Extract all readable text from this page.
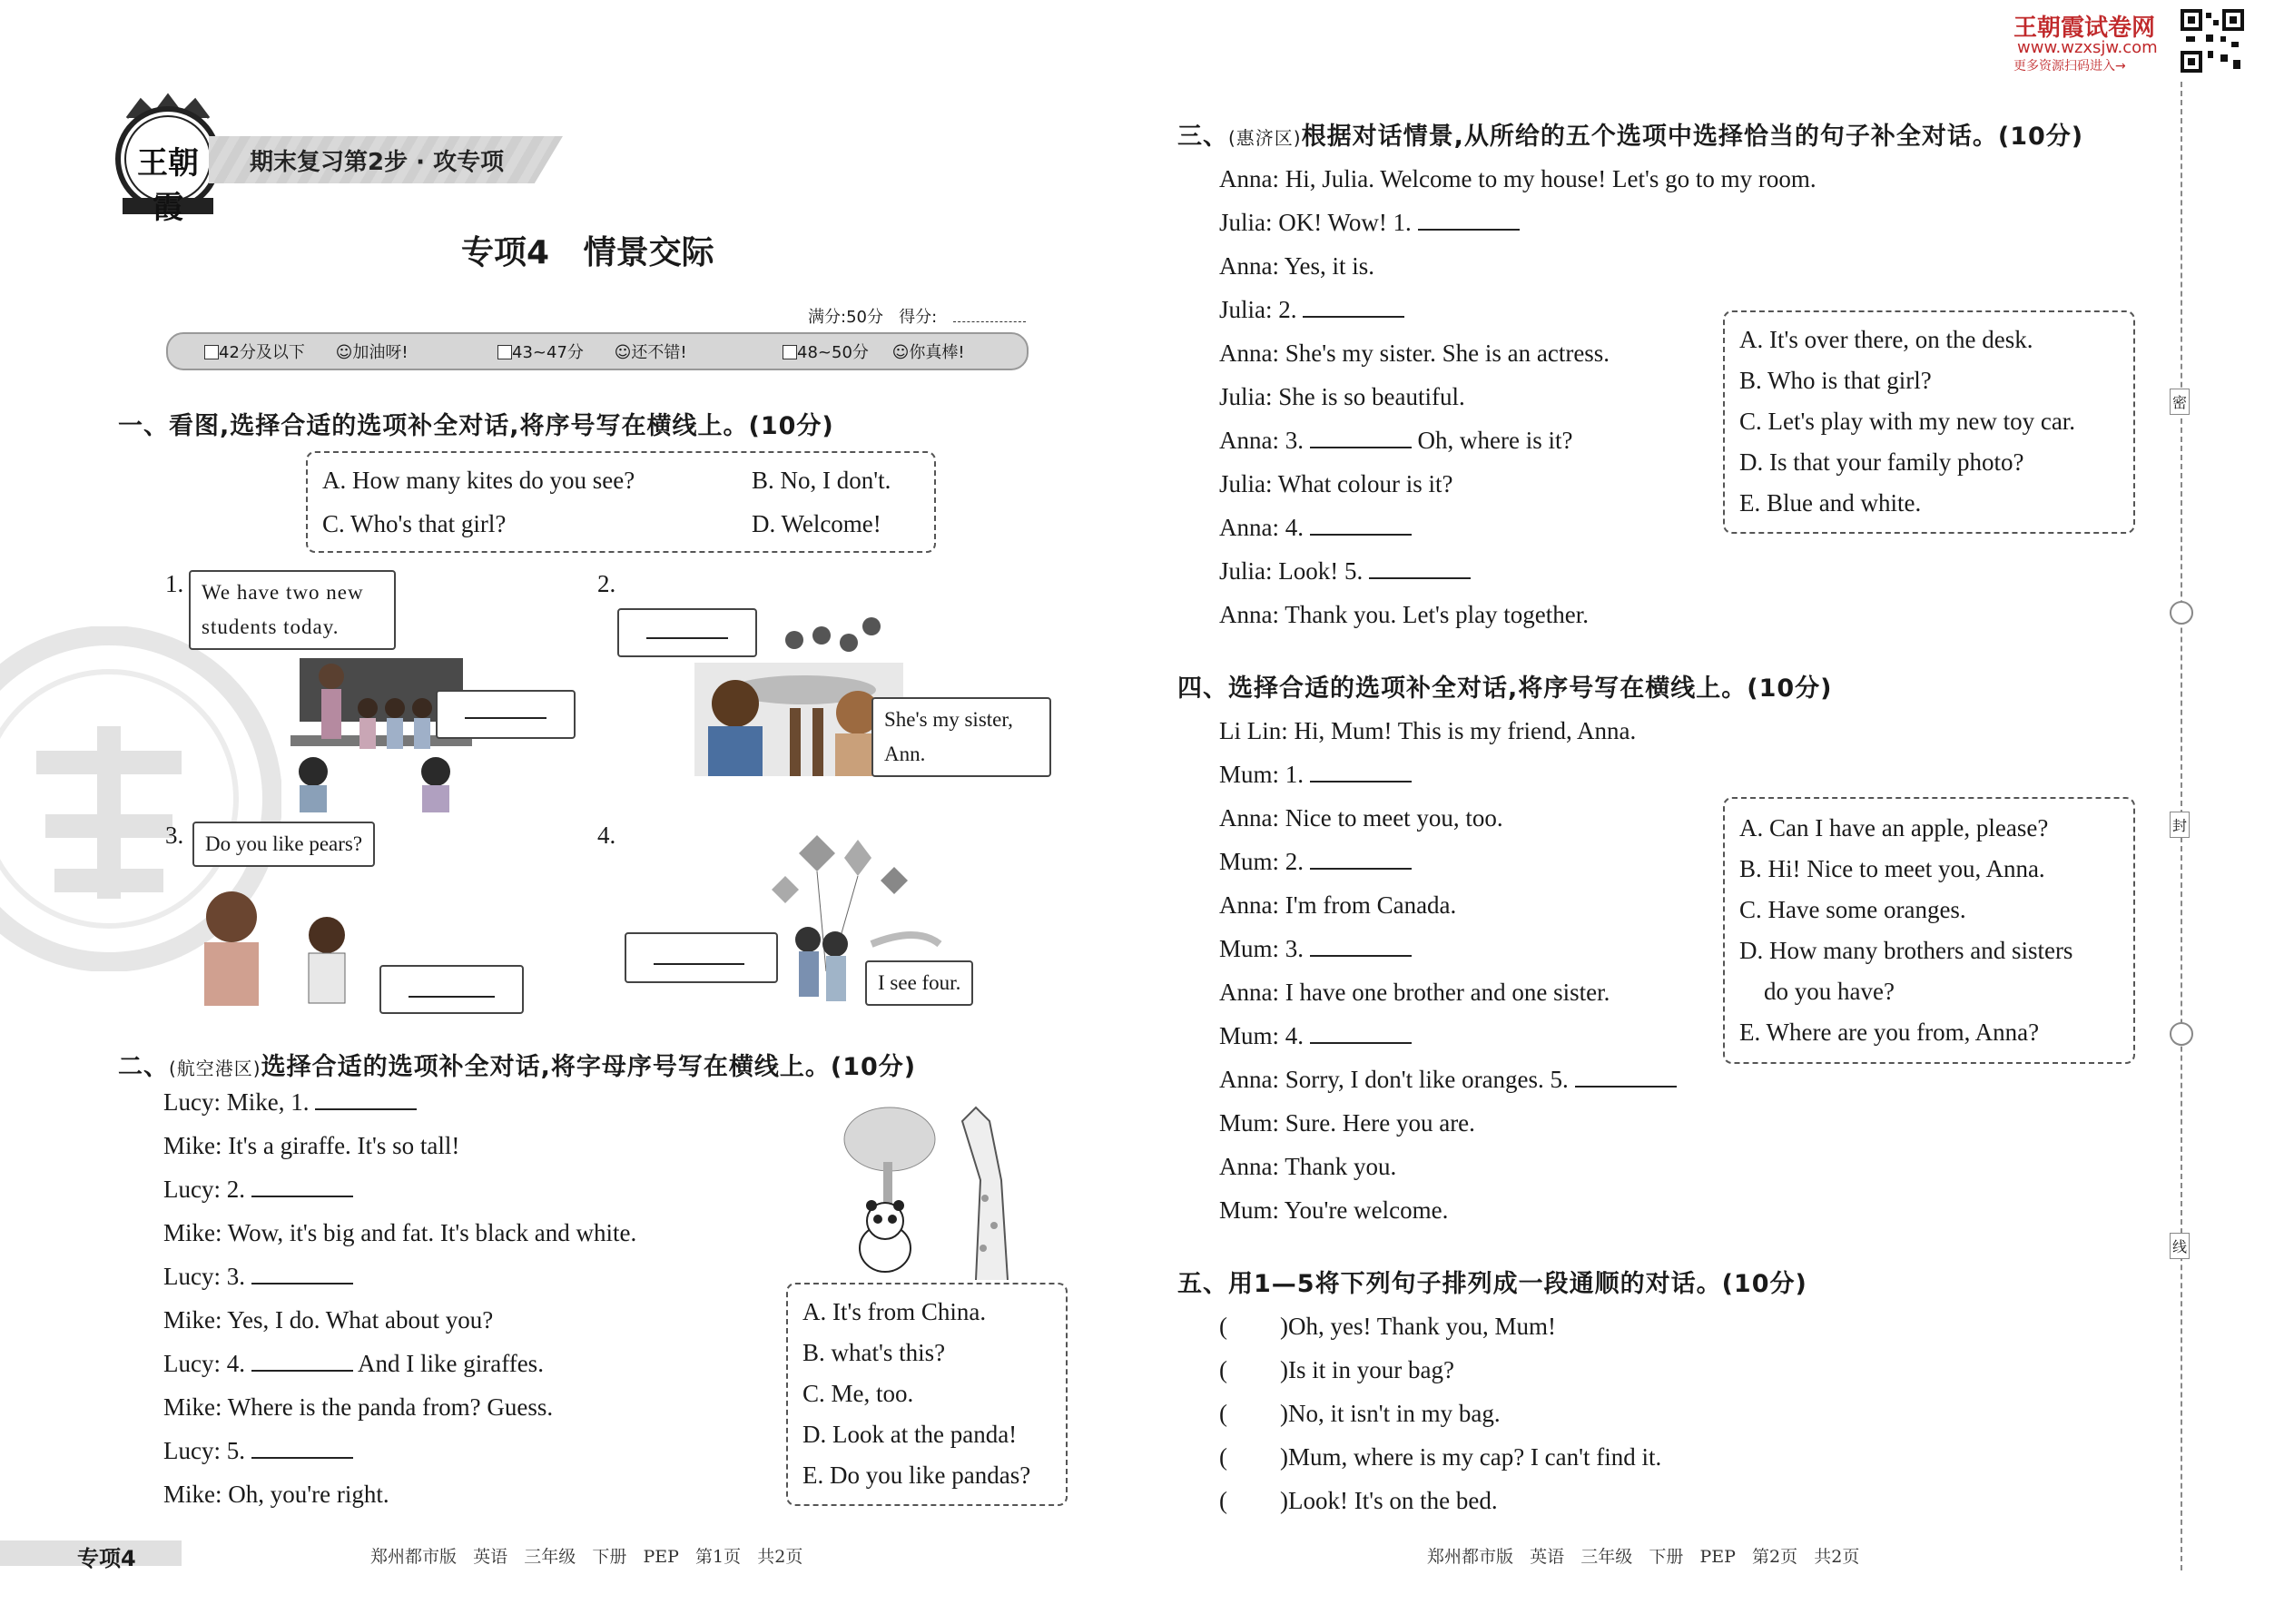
王朝霞
期末复习第2步 · 攻专项
专项4   情景交际
满分:50分   得分:
42分及以下 ☺加油呀!	43~47分 ☺还不错!	48~50分 ☺你真棒!
一、看图,选择合适的选项补全对话,将序号写在横线上。(10分)
A. How many kites do you see?	B. No, I don't.
C. Who's that girl?	D. Welcome!
1. We have two new students today.
2.
She's my sister, Ann.
3.	Do you like pears?	4.
I see four.
二、(航空港区)选择合适的选项补全对话,将字母序号写在横线上。(10分)
Lucy: Mike, 1.
Mike: It's a giraffe. It's so tall!
Lucy: 2.
Mike: Wow, it's big and fat. It's black and white.
Lucy: 3.
Mike: Yes, I do. What about you?
Lucy: 4.	And I like giraffes.
Mike: Where is the panda from? Guess.
Lucy: 5.
Mike: Oh, you're right.
A. It's from China.
B. what's this?
C. Me, too.
D. Look at the panda!
E. Do you like pandas?
专项4	郑州都市版   英语   三年级   下册   PEP   第1页   共2页
王朝霞试卷网
www.wzxsjw.com
更多资源扫码进入→
三、(惠济区)根据对话情景,从所给的五个选项中选择恰当的句子补全对话。(10分)
Anna: Hi, Julia. Welcome to my house! Let's go to my room.
Julia: OK! Wow! 1.
Anna: Yes, it is.
Julia: 2.
Anna: She's my sister. She is an actress.
Julia: She is so beautiful.
Anna: 3.	Oh, where is it?
Julia: What colour is it?
Anna: 4.
Julia: Look! 5.
Anna: Thank you. Let's play together.
A. It's over there, on the desk.
B. Who is that girl?
C. Let's play with my new toy car.
D. Is that your family photo?
E. Blue and white.
四、选择合适的选项补全对话,将序号写在横线上。(10分)
Li Lin: Hi, Mum! This is my friend, Anna.
Mum: 1.
Anna: Nice to meet you, too.
Mum: 2.
Anna: I'm from Canada.
Mum: 3.
Anna: I have one brother and one sister.
Mum: 4.
Anna: Sorry, I don't like oranges. 5.
Mum: Sure. Here you are.
Anna: Thank you.
Mum: You're welcome.
A. Can I have an apple, please?
B. Hi! Nice to meet you, Anna.
C. Have some oranges.
D. How many brothers and sisters
do you have?
E. Where are you from, Anna?
五、用1—5将下列句子排列成一段通顺的对话。(10分)
( )Oh, yes! Thank you, Mum!
( )Is it in your bag?
( )No, it isn't in my bag.
( )Mum, where is my cap? I can't find it.
( )Look! It's on the bed.
密
封
线
郑州都市版   英语   三年级   下册   PEP   第2页   共2页
